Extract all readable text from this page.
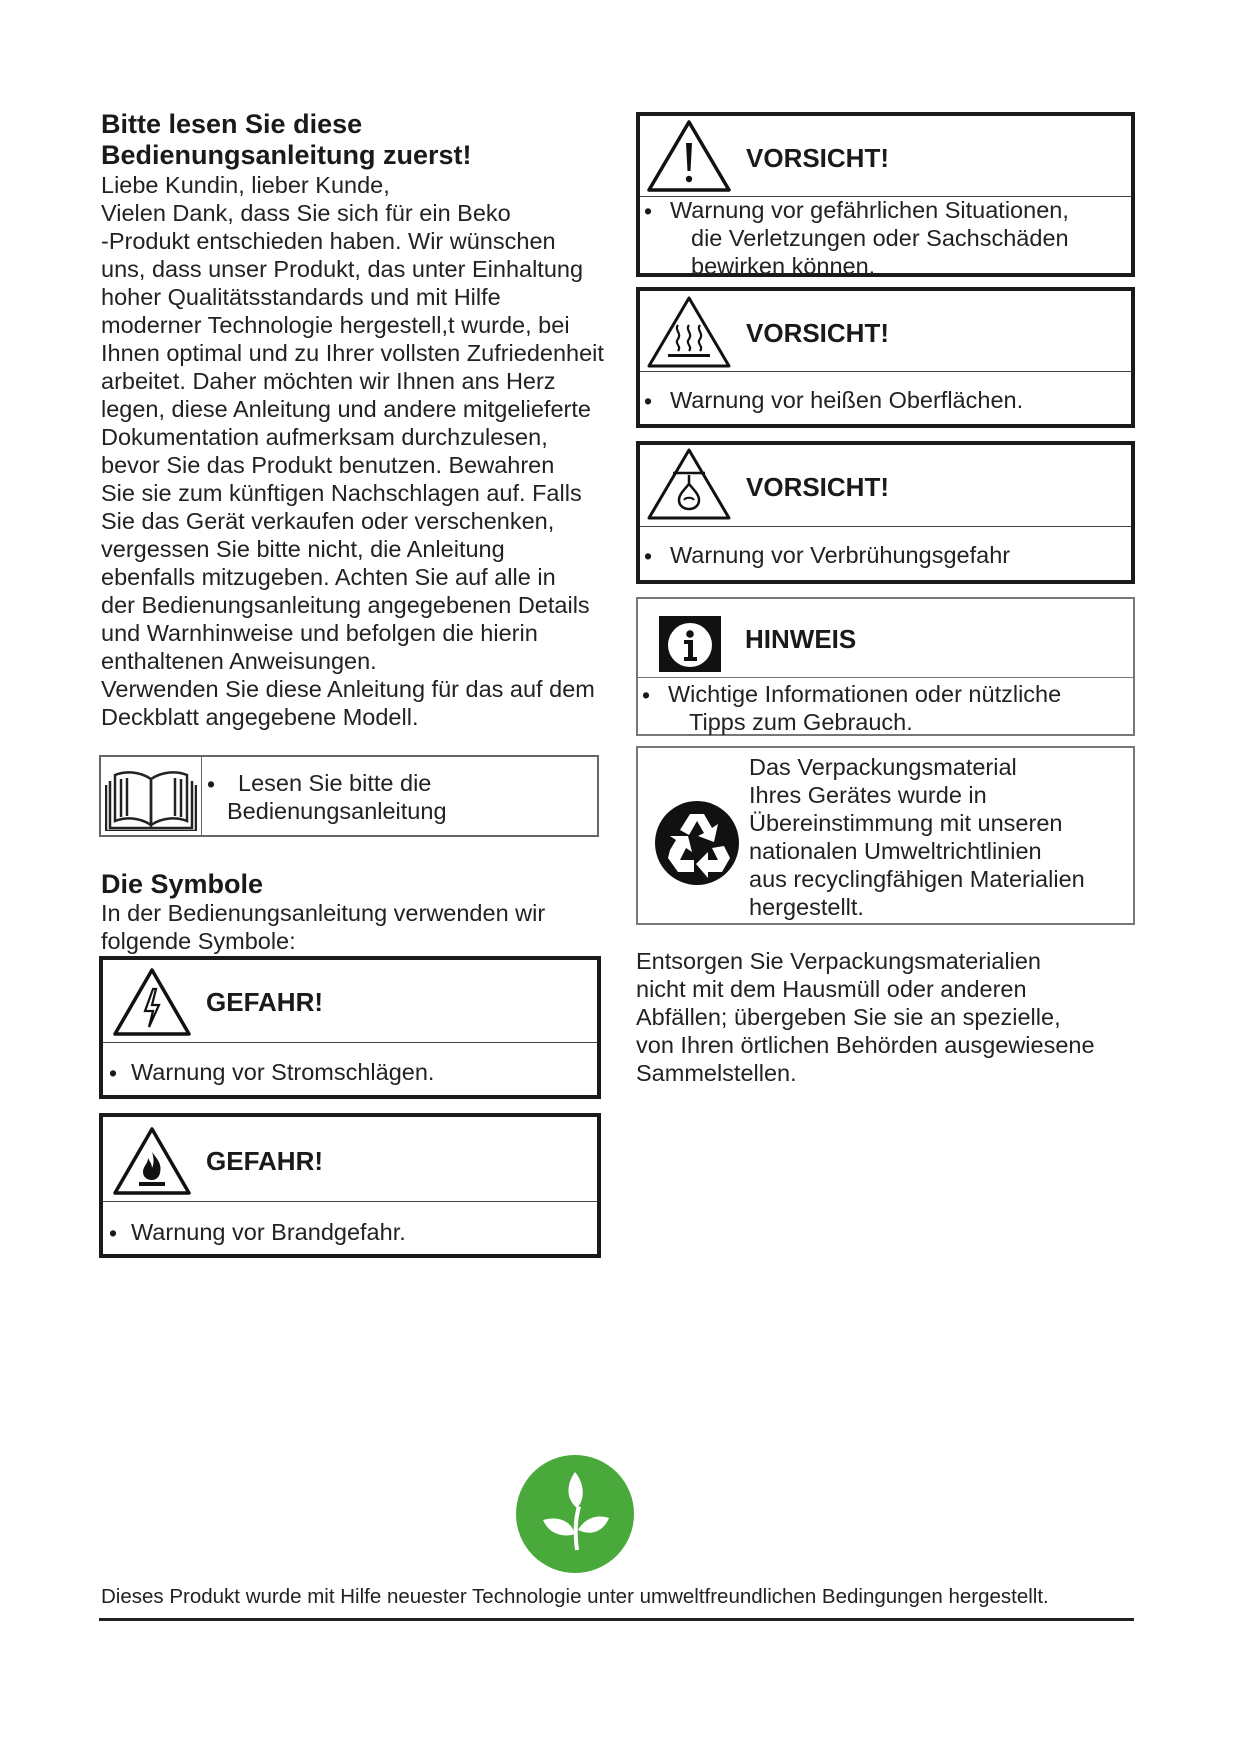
Bitte lesen Sie diese
Bedienungsanleitung zuerst!
Liebe Kundin, lieber Kunde,
Vielen Dank, dass Sie sich für ein Beko
-Produkt entschieden haben. Wir wünschen
uns, dass unser Produkt, das unter Einhaltung
hoher Qualitätsstandards und mit Hilfe
moderner Technologie hergestell,t wurde, bei
Ihnen optimal und zu Ihrer vollsten Zufriedenheit
arbeitet. Daher möchten wir Ihnen ans Herz
legen, diese Anleitung und andere mitgelieferte
Dokumentation aufmerksam durchzulesen,
bevor Sie das Produkt benutzen. Bewahren
Sie sie zum künftigen Nachschlagen auf. Falls
Sie das Gerät verkaufen oder verschenken,
vergessen Sie bitte nicht, die Anleitung
ebenfalls mitzugeben. Achten Sie auf alle in
der Bedienungsanleitung angegebenen Details
und Warnhinweise und befolgen die hierin
enthaltenen Anweisungen.
Verwenden Sie diese Anleitung für das auf dem
Deckblatt angegebene Modell.
• Lesen Sie bitte die
Bedienungsanleitung
Die Symbole
In der Bedienungsanleitung verwenden wir
folgende Symbole:
GEFAHR!
• Warnung vor Stromschlägen.
GEFAHR!
• Warnung vor Brandgefahr.
VORSICHT!
• Warnung vor gefährlichen Situationen,
die Verletzungen oder Sachschäden
bewirken können.
VORSICHT!
• Warnung vor heißen Oberflächen.
VORSICHT!
• Warnung vor Verbrühungsgefahr
HINWEIS
• Wichtige Informationen oder nützliche
Tipps zum Gebrauch.
Das Verpackungsmaterial
Ihres Gerätes wurde in
Übereinstimmung mit unseren
nationalen Umweltrichtlinien
aus recyclingfähigen Materialien
hergestellt.
Entsorgen Sie Verpackungsmaterialien
nicht mit dem Hausmüll oder anderen
Abfällen; übergeben Sie sie an spezielle,
von Ihren örtlichen Behörden ausgewiesene
Sammelstellen.
Dieses Produkt wurde mit Hilfe neuester Technologie unter umweltfreundlichen Bedingungen hergestellt.
